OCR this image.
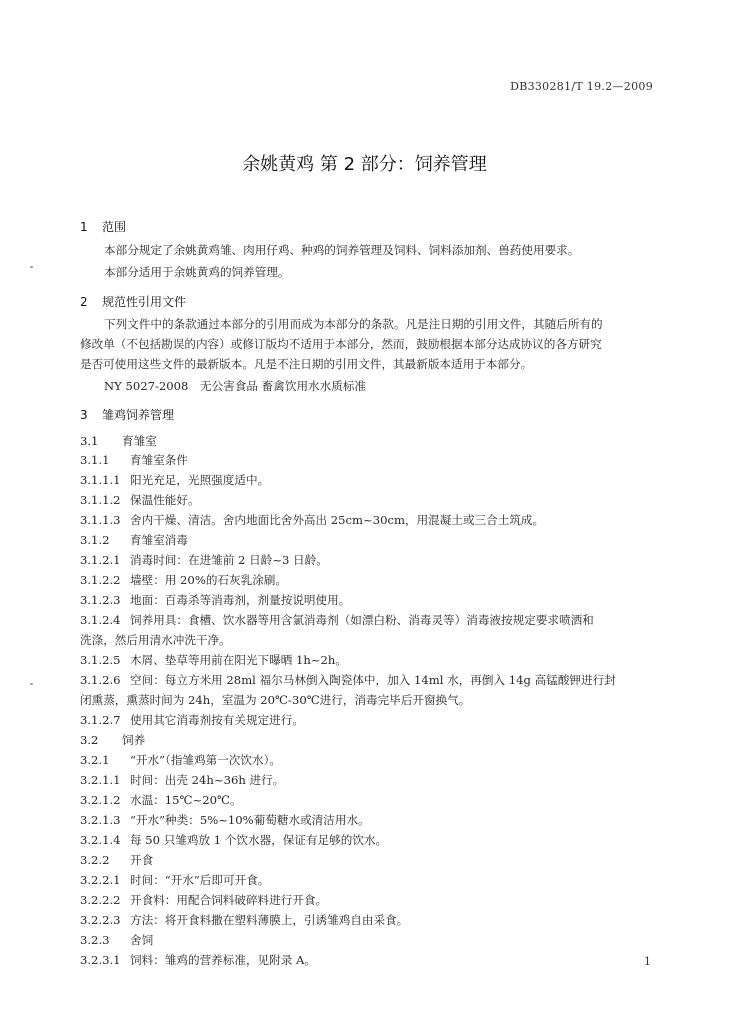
DB330281/T 19.2—2009
余姚黄鸡 第 2 部分：饲养管理
1 范围
本部分规定了余姚黄鸡雏、肉用仔鸡、种鸡的饲养管理及饲料、饲料添加剂、兽药使用要求。
本部分适用于余姚黄鸡的饲养管理。
2 规范性引用文件
下列文件中的条款通过本部分的引用而成为本部分的条款。凡是注日期的引用文件，其随后所有的
修改单（不包括勘误的内容）或修订版均不适用于本部分，然而，鼓励根据本部分达成协议的各方研究
是否可使用这些文件的最新版本。凡是不注日期的引用文件，其最新版本适用于本部分。
NY 5027-2008　无公害食品 畜禽饮用水水质标准
3 雏鸡饲养管理
3.1 育雏室
3.1.1 育雏室条件
3.1.1.1 阳光充足，光照强度适中。
3.1.1.2 保温性能好。
3.1.1.3 舍内干燥、清洁。舍内地面比舍外高出 25cm~30cm，用混凝土或三合土筑成。
3.1.2 育雏室消毒
3.1.2.1 消毒时间：在进雏前 2 日龄~3 日龄。
3.1.2.2 墙壁：用 20%的石灰乳涂刷。
3.1.2.3 地面：百毒杀等消毒剂，剂量按说明使用。
3.1.2.4 饲养用具：食槽、饮水器等用含氯消毒剂（如漂白粉、消毒灵等）消毒液按规定要求喷洒和
洗涤，然后用清水冲洗干净。
3.1.2.5 木屑、垫草等用前在阳光下曝晒 1h~2h。
3.1.2.6 空间：每立方米用 28ml 福尔马林倒入陶瓷体中，加入 14ml 水，再倒入 14g 高锰酸钾进行封
闭熏蒸，熏蒸时间为 24h，室温为 20℃-30℃进行，消毒完毕后开窗换气。
3.1.2.7 使用其它消毒剂按有关规定进行。
3.2 饲养
3.2.1 “开水”（指雏鸡第一次饮水）。
3.2.1.1 时间：出壳 24h~36h 进行。
3.2.1.2 水温：15℃~20℃。
3.2.1.3 “开水”种类：5%~10%葡萄糖水或清洁用水。
3.2.1.4 每 50 只雏鸡放 1 个饮水器，保证有足够的饮水。
3.2.2 开食
3.2.2.1 时间：“开水”后即可开食。
3.2.2.2 开食料：用配合饲料破碎料进行开食。
3.2.2.3 方法：将开食料撒在塑料薄膜上，引诱雏鸡自由采食。
3.2.3 舍饲
3.2.3.1 饲料：雏鸡的营养标准，见附录 A。	1
